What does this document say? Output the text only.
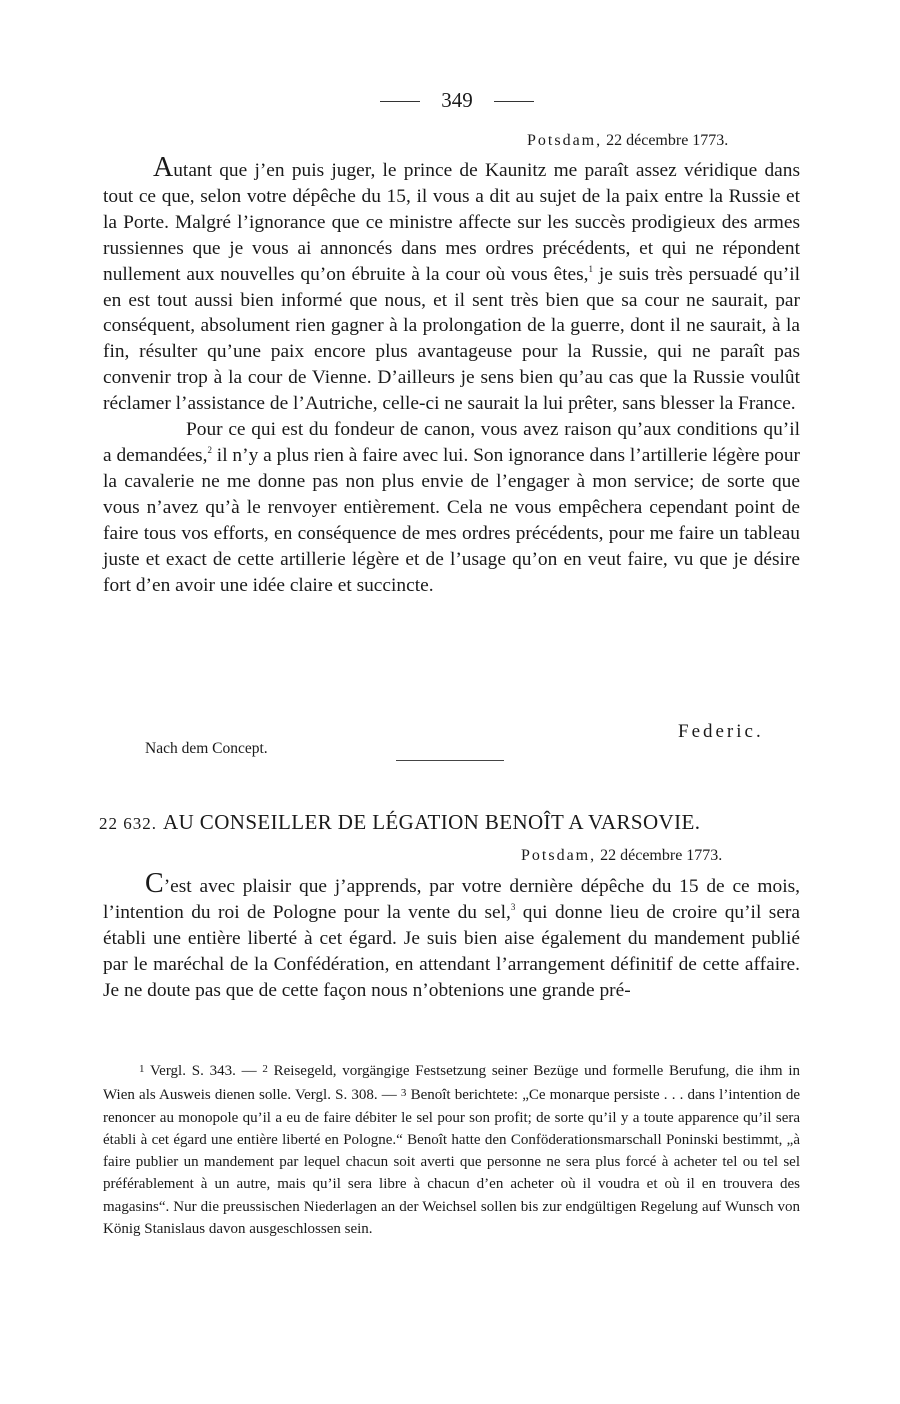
349
Potsdam, 22 décembre 1773.

Autant que j’en puis juger, le prince de Kaunitz me paraît assez véridique dans tout ce que, selon votre dépêche du 15, il vous a dit au sujet de la paix entre la Russie et la Porte. Malgré l’ignorance que ce ministre affecte sur les succès prodigieux des armes russiennes que je vous ai annoncés dans mes ordres précédents, et qui ne répondent nullement aux nouvelles qu’on ébruite à la cour où vous êtes,$^1$ je suis très persuadé qu’il en est tout aussi bien informé que nous, et il sent très bien que sa cour ne saurait, par conséquent, absolument rien gagner à la prolongation de la guerre, dont il ne saurait, à la fin, résulter qu’une paix encore plus avantageuse pour la Russie, qui ne paraît pas convenir trop à la cour de Vienne. D’ailleurs je sens bien qu’au cas que la Russie voulût réclamer l’assistance de l’Autriche, celle-ci ne saurait la lui prêter, sans blesser la France.

Pour ce qui est du fondeur de canon, vous avez raison qu’aux conditions qu’il a demandées,$^2$ il n’y a plus rien à faire avec lui. Son ignorance dans l’artillerie légère pour la cavalerie ne me donne pas non plus envie de l’engager à mon service; de sorte que vous n’avez qu’à le renvoyer entièrement. Cela ne vous empêchera cependant point de faire tous vos efforts, en conséquence de mes ordres précédents, pour me faire un tableau juste et exact de cette artillerie légère et de l’usage qu’on en veut faire, vu que je désire fort d’en avoir une idée claire et succincte.

Federic.
Nach dem Concept.
22 632. AU CONSEILLER DE LÉGATION BENOÎT A VARSOVIE.
Potsdam, 22 décembre 1773.

C’est avec plaisir que j’apprends, par votre dernière dépêche du 15 de ce mois, l’intention du roi de Pologne pour la vente du sel,$^3$ qui donne lieu de croire qu’il sera établi une entière liberté à cet égard. Je suis bien aise également du mandement publié par le maréchal de la Confédération, en attendant l’arrangement définitif de cette affaire. Je ne doute pas que de cette façon nous n’obtenions une grande pré-

$^1$ Vergl. S. 343. — $^2$ Reisegeld, vorgängige Festsetzung seiner Bezüge und formelle Berufung, die ihm in Wien als Ausweis dienen solle. Vergl. S. 308. — $^3$ Benoît berichtete: „Ce monarque persiste . . . dans l’intention de renoncer au monopole qu’il a eu de faire débiter le sel pour son profit; de sorte qu’il y a toute apparence qu’il sera établi à cet égard une entière liberté en Pologne.“ Benoît hatte den Conföderationsmarschall Poninski bestimmt, „à faire publier un mandement par lequel chacun soit averti que personne ne sera plus forcé à acheter tel ou tel sel préférablement à un autre, mais qu’il sera libre à chacun d’en acheter où il voudra et où il en trouvera des magasins“. Nur die preussischen Niederlagen an der Weichsel sollen bis zur endgültigen Regelung auf Wunsch von König Stanislaus davon ausgeschlossen sein.
